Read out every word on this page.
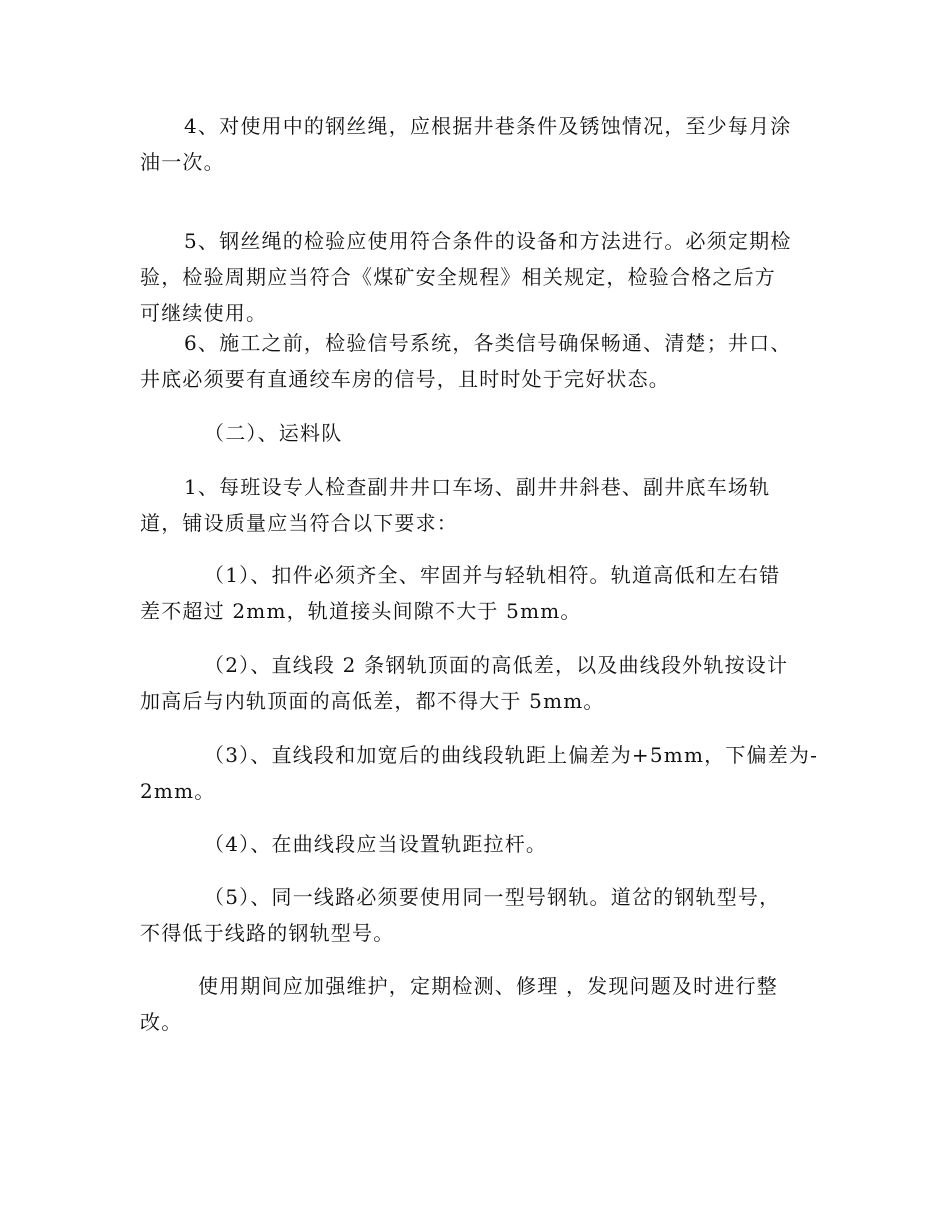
4、对使用中的钢丝绳，应根据井巷条件及锈蚀情况，至少每月涂
油一次。
5、钢丝绳的检验应使用符合条件的设备和方法进行。必须定期检
验，检验周期应当符合《煤矿安全规程》相关规定，检验合格之后方
可继续使用。
6、施工之前，检验信号系统，各类信号确保畅通、清楚；井口、
井底必须要有直通绞车房的信号，且时时处于完好状态。
（二）、运料队
1、每班设专人检查副井井口车场、副井井斜巷、副井底车场轨
道，铺设质量应当符合以下要求：
（1）、扣件必须齐全、牢固并与轻轨相符。轨道高低和左右错
差不超过 2mm，轨道接头间隙不大于 5mm。
（2）、直线段 2 条钢轨顶面的高低差，以及曲线段外轨按设计
加高后与内轨顶面的高低差，都不得大于 5mm。
（3）、直线段和加宽后的曲线段轨距上偏差为+5mm，下偏差为-
2mm。
（4）、在曲线段应当设置轨距拉杆。
（5）、同一线路必须要使用同一型号钢轨。道岔的钢轨型号，
不得低于线路的钢轨型号。
使用期间应加强维护，定期检测、修理 ，发现问题及时进行整
改。
